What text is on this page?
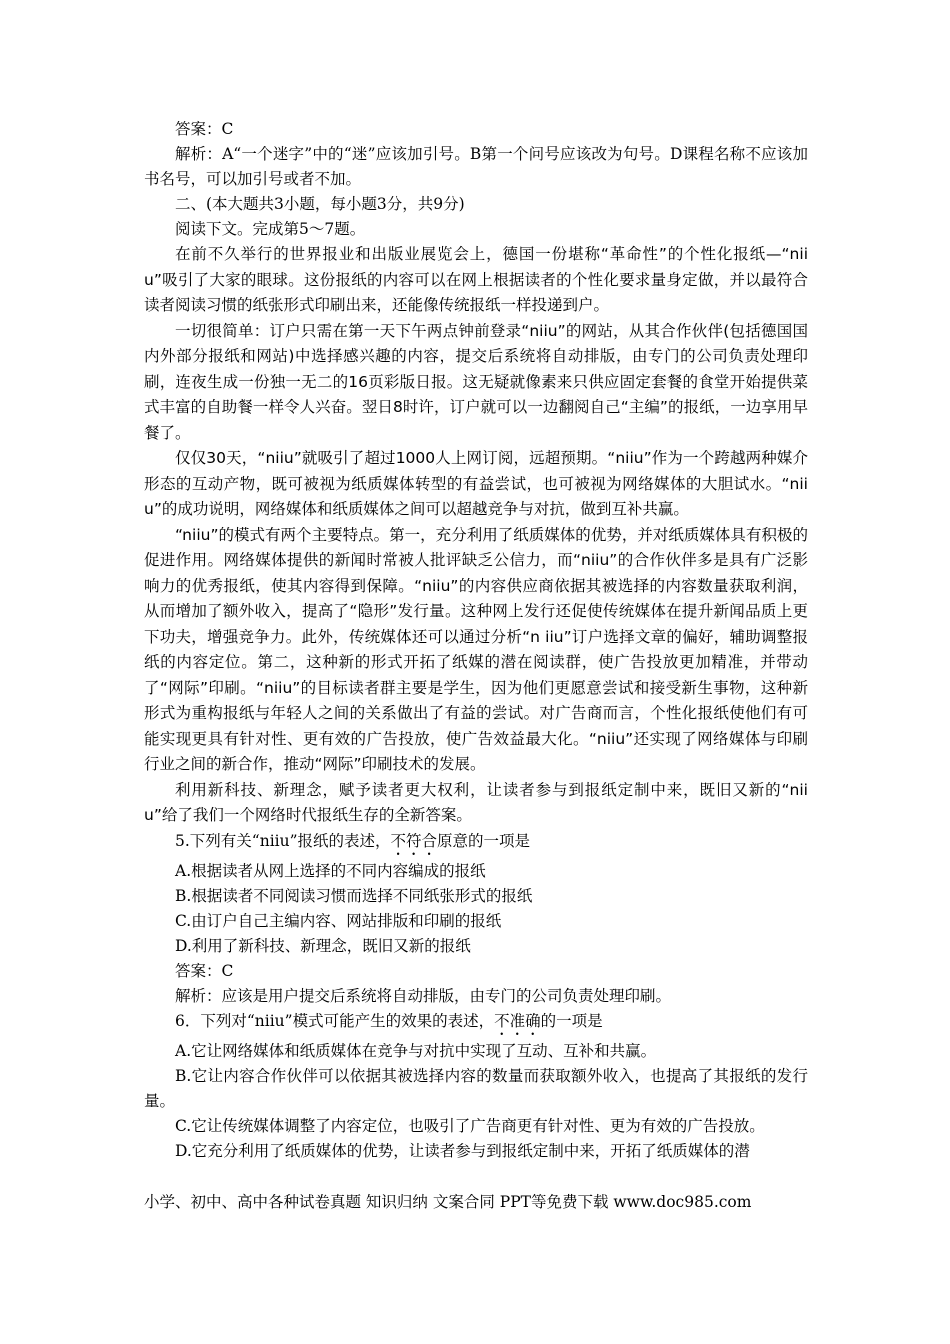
答案：C

解析：A“一个迷字”中的“迷”应该加引号。B第一个问号应该改为句号。D课程名称不应该加书名号，可以加引号或者不加。

二、(本大题共3小题，每小题3分，共9分)

阅读下文。完成第5～7题。

在前不久举行的世界报业和出版业展览会上，德国一份堪称“革命性”的个性化报纸—“niiu”吸引了大家的眼球。这份报纸的内容可以在网上根据读者的个性化要求量身定做，并以最符合读者阅读习惯的纸张形式印刷出来，还能像传统报纸一样投递到户。

一切很简单：订户只需在第一天下午两点钟前登录“niiu”的网站，从其合作伙伴(包括德国国内外部分报纸和网站)中选择感兴趣的内容，提交后系统将自动排版，由专门的公司负责处理印刷，连夜生成一份独一无二的16页彩版日报。这无疑就像素来只供应固定套餐的食堂开始提供菜式丰富的自助餐一样令人兴奋。翌日8时许，订户就可以一边翻阅自己“主编”的报纸，一边享用早餐了。

仅仅30天，“niiu”就吸引了超过1000人上网订阅，远超预期。“niiu”作为一个跨越两种媒介形态的互动产物，既可被视为纸质媒体转型的有益尝试，也可被视为网络媒体的大胆试水。“niiu”的成功说明，网络媒体和纸质媒体之间可以超越竞争与对抗，做到互补共赢。

“niiu”的模式有两个主要特点。第一，充分利用了纸质媒体的优势，并对纸质媒体具有积极的促进作用。网络媒体提供的新闻时常被人批评缺乏公信力，而“niiu”的合作伙伴多是具有广泛影响力的优秀报纸，使其内容得到保障。“niiu”的内容供应商依据其被选择的内容数量获取利润，从而增加了额外收入，提高了“隐形”发行量。这种网上发行还促使传统媒体在提升新闻品质上更下功夫，增强竞争力。此外，传统媒体还可以通过分析“n iiu”订户选择文章的偏好，辅助调整报纸的内容定位。第二，这种新的形式开拓了纸媒的潜在阅读群，使广告投放更加精准，并带动了“网际”印刷。“niiu”的目标读者群主要是学生，因为他们更愿意尝试和接受新生事物，这种新形式为重构报纸与年轻人之间的关系做出了有益的尝试。对广告商而言，个性化报纸使他们有可能实现更具有针对性、更有效的广告投放，使广告效益最大化。“niiu”还实现了网络媒体与印刷行业之间的新合作，推动“网际”印刷技术的发展。

利用新科技、新理念，赋予读者更大权利，让读者参与到报纸定制中来，既旧又新的“niiu”给了我们一个网络时代报纸生存的全新答案。

5.下列有关“niiu”报纸的表述，不符合原意的一项是

A.根据读者从网上选择的不同内容编成的报纸

B.根据读者不同阅读习惯而选择不同纸张形式的报纸

C.由订户自己主编内容、网站排版和印刷的报纸

D.利用了新科技、新理念，既旧又新的报纸

答案：C

解析：应该是用户提交后系统将自动排版，由专门的公司负责处理印刷。

6．下列对“niiu”模式可能产生的效果的表述，不准确的一项是

A.它让网络媒体和纸质媒体在竞争与对抗中实现了互动、互补和共赢。

B.它让内容合作伙伴可以依据其被选择内容的数量而获取额外收入，也提高了其报纸的发行量。

C.它让传统媒体调整了内容定位，也吸引了广告商更有针对性、更为有效的广告投放。

D.它充分利用了纸质媒体的优势，让读者参与到报纸定制中来，开拓了纸质媒体的潜

小学、初中、高中各种试卷真题 知识归纳 文案合同 PPT等免费下载 www.doc985.com
